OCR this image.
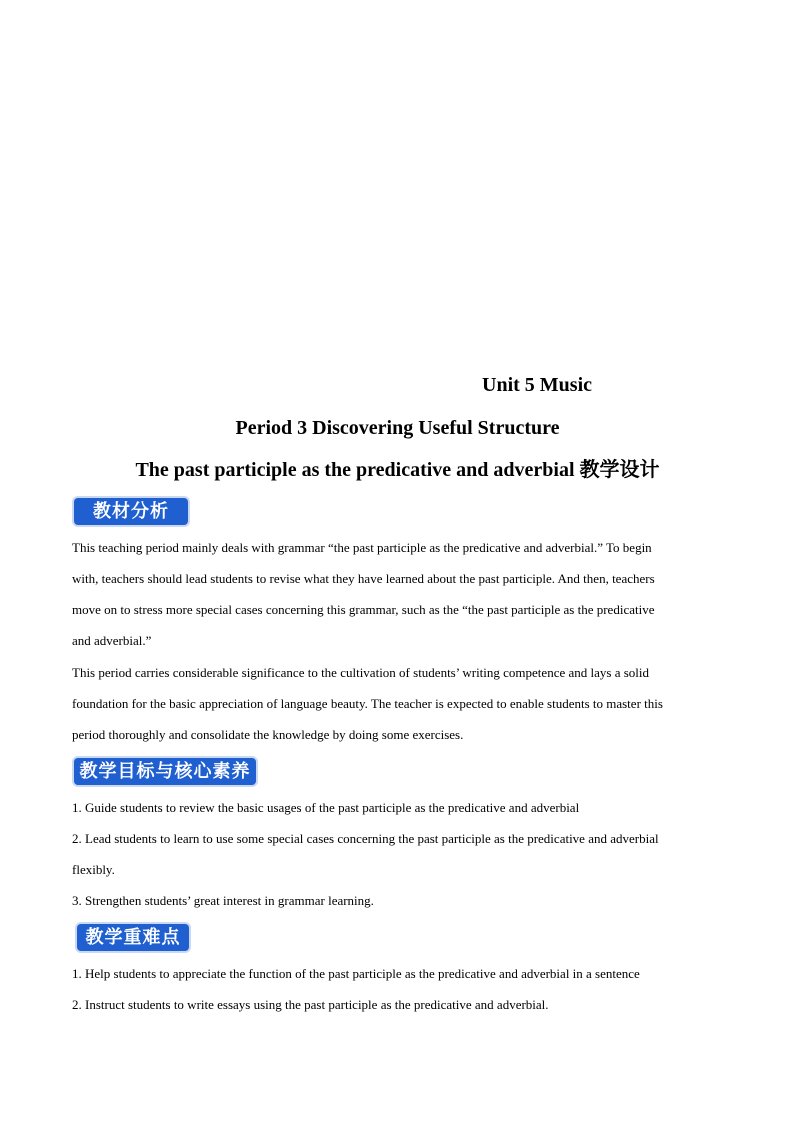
Unit 5 Music
Period 3 Discovering Useful Structure
The past participle as the predicative and adverbial 教学设计
教材分析
This teaching period mainly deals with grammar “the past participle as the predicative and adverbial.” To begin
with, teachers should lead students to revise what they have learned about the past participle. And then, teachers
move on to stress more special cases concerning this grammar, such as the “the past participle as the predicative
and adverbial.”
This period carries considerable significance to the cultivation of students’ writing competence and lays a solid
foundation for the basic appreciation of language beauty. The teacher is expected to enable students to master this
period thoroughly and consolidate the knowledge by doing some exercises.
教学目标与核心素养
1. Guide students to review the basic usages of the past participle as the predicative and adverbial
2. Lead students to learn to use some special cases concerning the past participle as the predicative and adverbial
flexibly.
3. Strengthen students’ great interest in grammar learning.
教学重难点
1. Help students to appreciate the function of the past participle as the predicative and adverbial in a sentence
2. Instruct students to write essays using the past participle as the predicative and adverbial.
